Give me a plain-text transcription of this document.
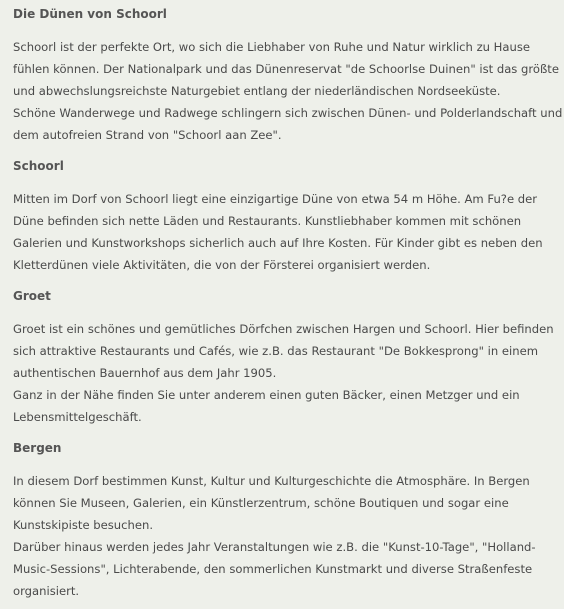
Die Dünen von Schoorl
Schoorl ist der perfekte Ort, wo sich die Liebhaber von Ruhe und Natur wirklich zu Hause
fühlen können. Der Nationalpark und das Dünenreservat "de Schoorlse Duinen" ist das größte
und abwechslungsreichste Naturgebiet entlang der niederländischen Nordseeküste.
Schöne Wanderwege und Radwege schlingern sich zwischen Dünen- und Polderlandschaft und
dem autofreien Strand von "Schoorl aan Zee".
Schoorl
Mitten im Dorf von Schoorl liegt eine einzigartige Düne von etwa 54 m Höhe. Am Fu?e der
Düne befinden sich nette Läden und Restaurants. Kunstliebhaber kommen mit schönen
Galerien und Kunstworkshops sicherlich auch auf Ihre Kosten. Für Kinder gibt es neben den
Kletterdünen viele Aktivitäten, die von der Försterei organisiert werden.
Groet
Groet ist ein schönes und gemütliches Dörfchen zwischen Hargen und Schoorl. Hier befinden
sich attraktive Restaurants und Cafés, wie z.B. das Restaurant "De Bokkesprong" in einem
authentischen Bauernhof aus dem Jahr 1905.
Ganz in der Nähe finden Sie unter anderem einen guten Bäcker, einen Metzger und ein
Lebensmittelgeschäft.
Bergen
In diesem Dorf bestimmen Kunst, Kultur und Kulturgeschichte die Atmosphäre. In Bergen
können Sie Museen, Galerien, ein Künstlerzentrum, schöne Boutiquen und sogar eine
Kunstskipiste besuchen.
Darüber hinaus werden jedes Jahr Veranstaltungen wie z.B. die "Kunst-10-Tage", "Holland-
Music-Sessions", Lichterabende, den sommerlichen Kunstmarkt und diverse Straßenfeste
organisiert.
